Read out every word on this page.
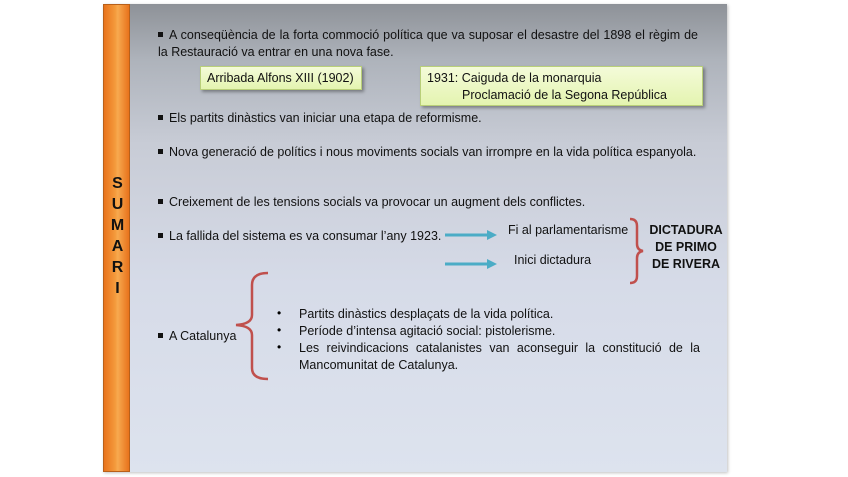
S
U
M
A
R
I
A conseqüència de la forta commoció política que va suposar el desastre del 1898 el règim de la Restauració va entrar en una nova fase.
Arribada Alfons XIII (1902)	1931: Caiguda de la monarquia
Proclamació de la Segona República
Els partits dinàstics van iniciar una etapa de reformisme.
Nova generació de polítics i nous moviments socials van irrompre en la vida política espanyola.
Creixement de les tensions socials va provocar un augment dels conflictes.
La fallida del sistema es va consumar l’any 1923.	Fi al parlamentarisme
Inici dictadura
DICTADURA
DE PRIMO
DE RIVERA
A Catalunya
• Partits dinàstics desplaçats de la vida política.
• Període d’intensa agitació social: pistolerisme.
• Les reivindicacions catalanistes van aconseguir la constitució de la Mancomunitat de Catalunya.
